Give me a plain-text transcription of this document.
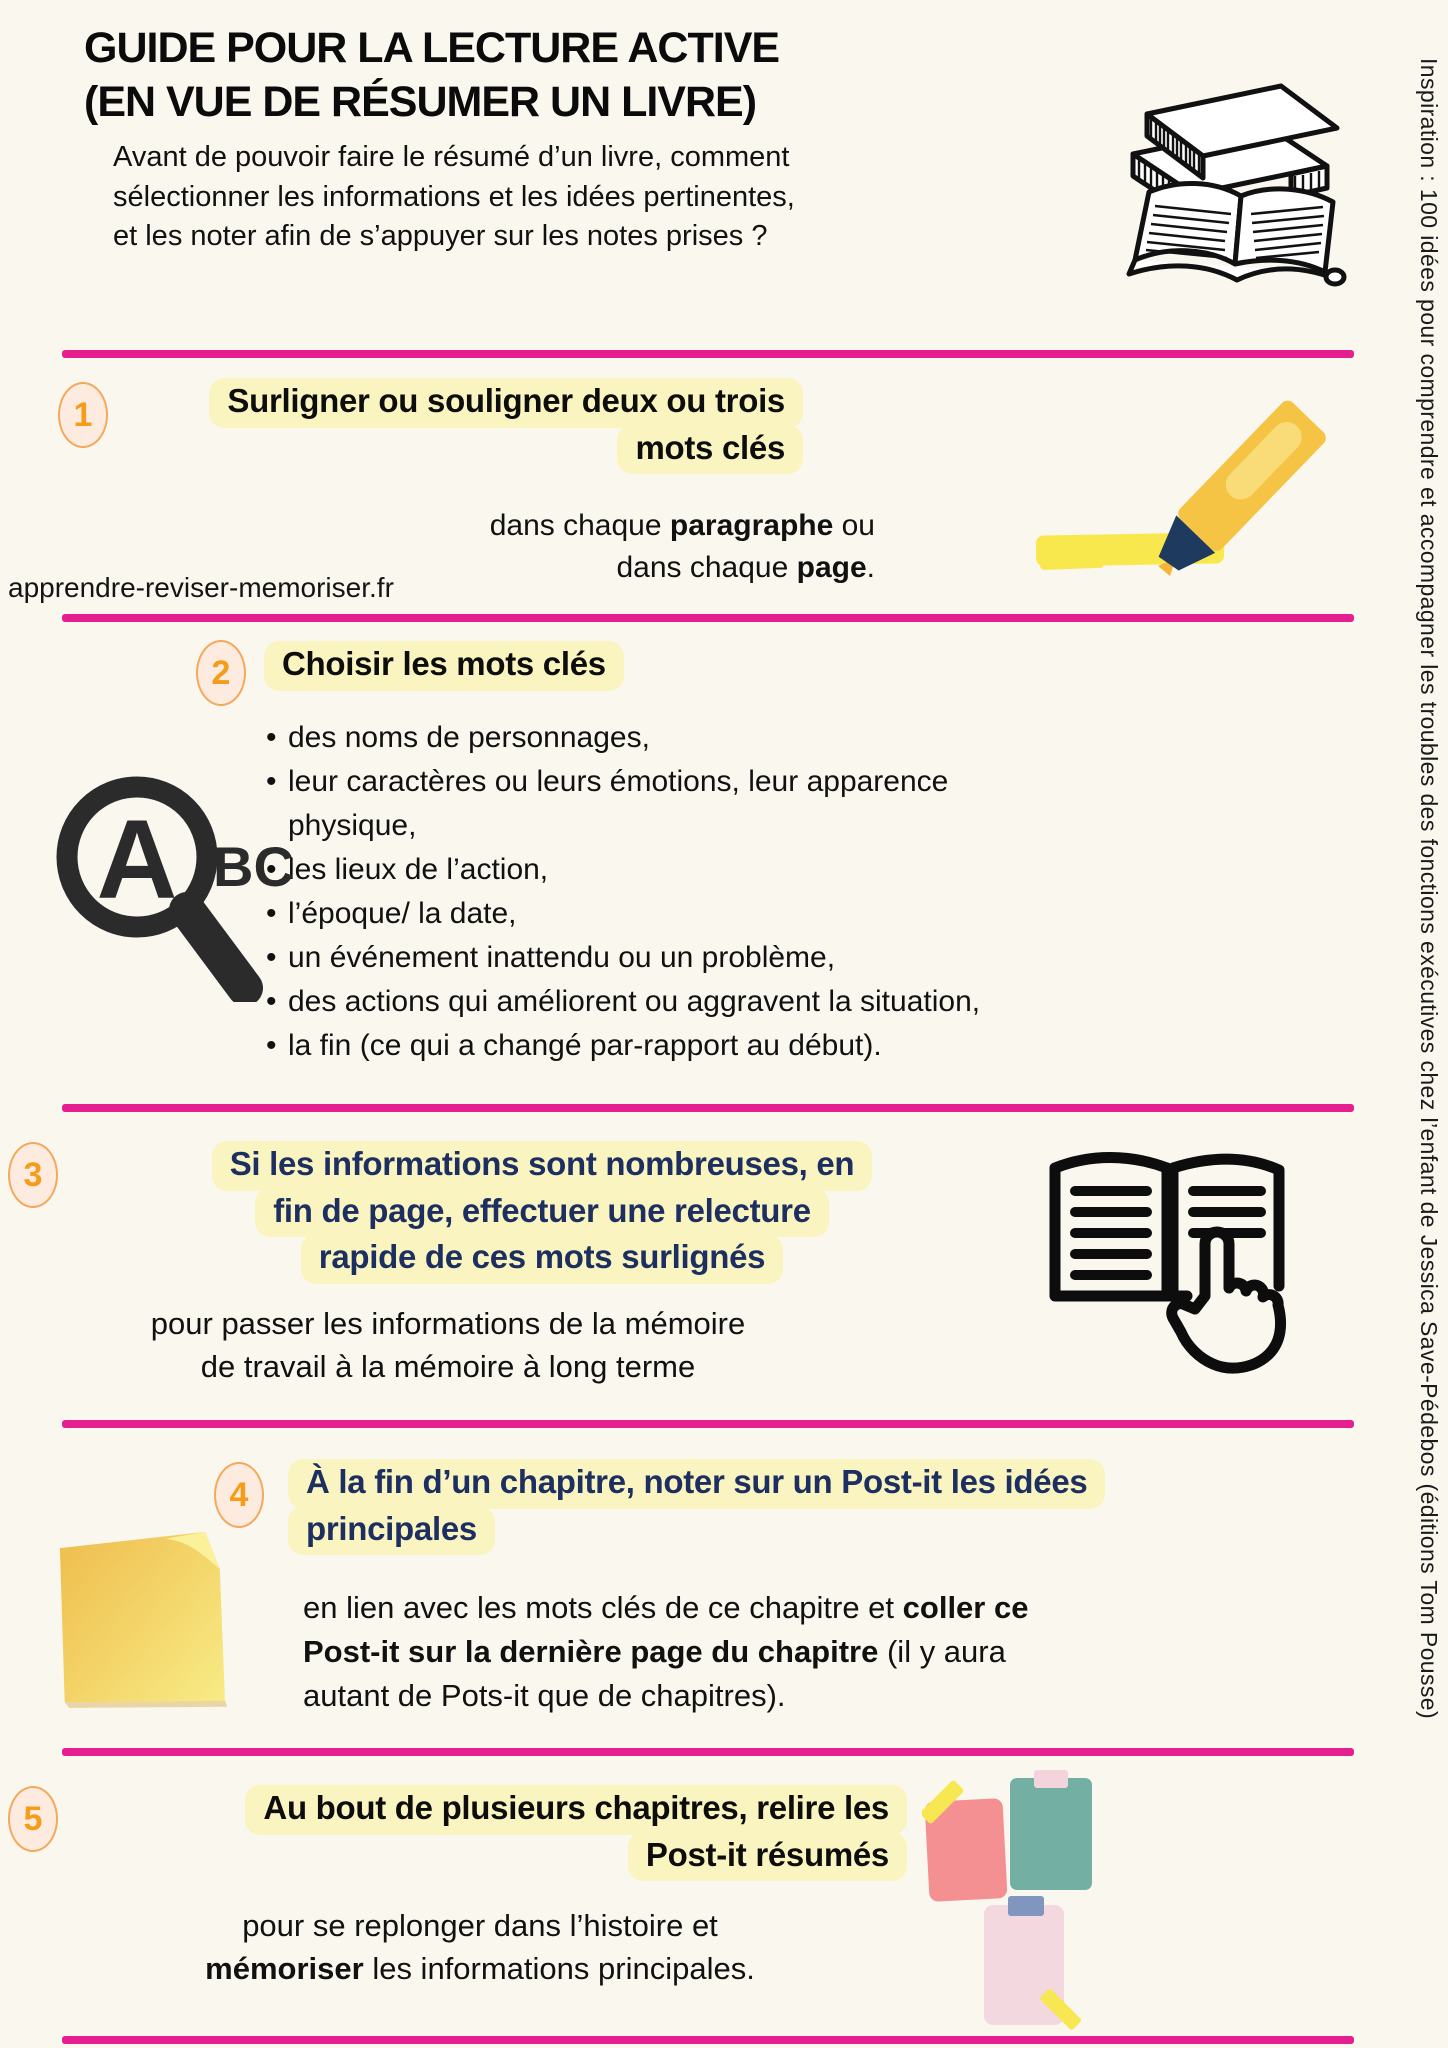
GUIDE POUR LA LECTURE ACTIVE
(EN VUE DE RÉSUMER UN LIVRE)
Avant de pouvoir faire le résumé d’un livre, comment
sélectionner les informations et les idées pertinentes,
et les noter afin de s’appuyer sur les notes prises ?
1	Surligner ou souligner deux ou trois
mots clés
dans chaque paragraphe ou
dans chaque page.
apprendre-reviser-memoriser.fr
2	Choisir les mots clés
• des noms de personnages,
• leur caractères ou leurs émotions, leur apparence physique,
• les lieux de l’action,
• l’époque/ la date,
• un événement inattendu ou un problème,
• des actions qui améliorent ou aggravent la situation,
• la fin (ce qui a changé par-rapport au début).
A BC
3	Si les informations sont nombreuses, en
fin de page, effectuer une relecture
rapide de ces mots surlignés
pour passer les informations de la mémoire
de travail à la mémoire à long terme
4	À la fin d’un chapitre, noter sur un Post-it les idées
principales
en lien avec les mots clés de ce chapitre et coller ce
Post-it sur la dernière page du chapitre (il y aura
autant de Pots-it que de chapitres).
5	Au bout de plusieurs chapitres, relire les
Post-it résumés
pour se replonger dans l’histoire et
mémoriser les informations principales.
Inspiration : 100 idées pour comprendre et accompagner les troubles des fonctions exécutives chez l’enfant de Jessica Save-Pédebos (éditions Tom Pousse)
